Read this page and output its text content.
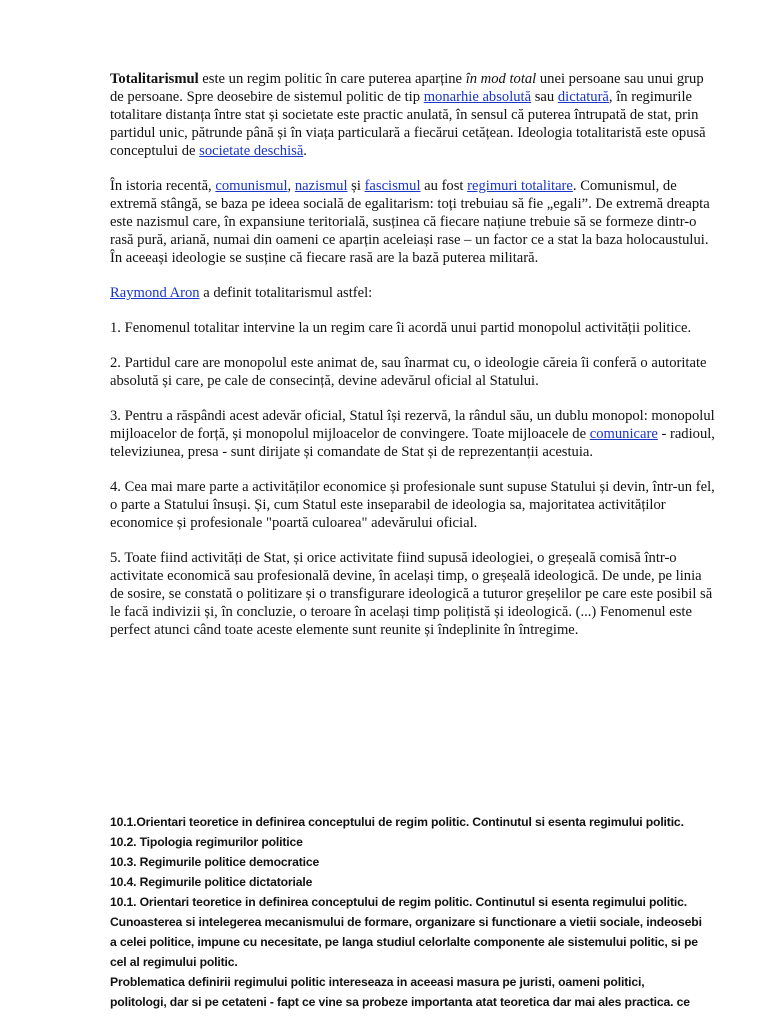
Totalitarismul este un regim politic în care puterea aparține în mod total unei persoane sau unui grup de persoane. Spre deosebire de sistemul politic de tip monarhie absolută sau dictatură, în regimurile totalitare distanța între stat și societate este practic anulată, în sensul că puterea întrupată de stat, prin partidul unic, pătrunde până și în viața particulară a fiecărui cetățean. Ideologia totalitaristă este opusă conceptului de societate deschisă.

În istoria recentă, comunismul, nazismul și fascismul au fost regimuri totalitare. Comunismul, de extremă stângă, se baza pe ideea socială de egalitarism: toți trebuiau să fie „egali”. De extremă dreapta este nazismul care, în expansiune teritorială, susținea că fiecare națiune trebuie să se formeze dintr-o rasă pură, ariană, numai din oameni ce aparțin aceleiași rase – un factor ce a stat la baza holocaustului. În aceeași ideologie se susține că fiecare rasă are la bază puterea militară.

Raymond Aron a definit totalitarismul astfel:

1. Fenomenul totalitar intervine la un regim care îi acordă unui partid monopolul activității politice.

2. Partidul care are monopolul este animat de, sau înarmat cu, o ideologie căreia îi conferă o autoritate absolută și care, pe cale de consecință, devine adevărul oficial al Statului.

3. Pentru a răspândi acest adevăr oficial, Statul își rezervă, la rândul său, un dublu monopol: monopolul mijloacelor de forță, și monopolul mijloacelor de convingere. Toate mijloacele de comunicare - radioul, televiziunea, presa - sunt dirijate și comandate de Stat și de reprezentanții acestuia.

4. Cea mai mare parte a activităților economice și profesionale sunt supuse Statului și devin, într-un fel, o parte a Statului însuși. Și, cum Statul este inseparabil de ideologia sa, majoritatea activităților economice și profesionale "poartă culoarea" adevărului oficial.

5. Toate fiind activități de Stat, și orice activitate fiind supusă ideologiei, o greșeală comisă într-o activitate economică sau profesională devine, în același timp, o greșeală ideologică. De unde, pe linia de sosire, se constată o politizare și o transfigurare ideologică a tuturor greșelilor pe care este posibil să le facă indivizii și, în concluzie, o teroare în același timp polițistă și ideologică. (...) Fenomenul este perfect atunci când toate aceste elemente sunt reunite și îndeplinite în întregime.

10.1.Orientari teoretice in definirea conceptului de regim politic. Continutul si esenta regimului politic.
10.2. Tipologia regimurilor politice
10.3. Regimurile politice democratice
10.4. Regimurile politice dictatoriale
10.1. Orientari teoretice in definirea conceptului de regim politic. Continutul si esenta regimului politic.
Cunoasterea si intelegerea mecanismului de formare, organizare si functionare a vietii sociale, indeosebi
a celei politice, impune cu necesitate, pe langa studiul celorlalte componente ale sistemului politic, si pe
cel al regimului politic.
Problematica definirii regimului politic intereseaza in aceeasi masura pe juristi, oameni politici,
politologi, dar si pe cetateni - fapt ce vine sa probeze importanta atat teoretica dar mai ales practica. ce
